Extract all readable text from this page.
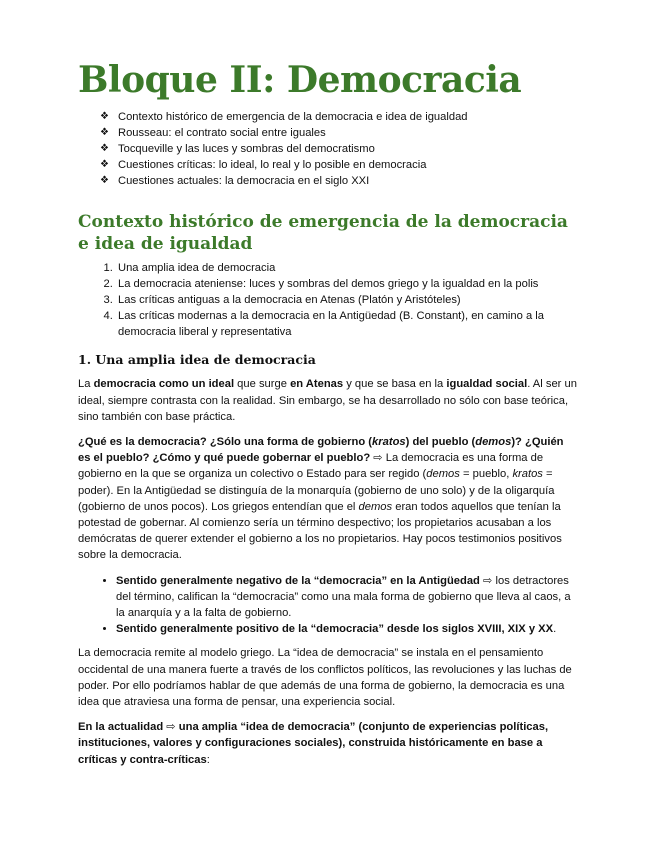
Bloque II: Democracia
❖ Contexto histórico de emergencia de la democracia e idea de igualdad
❖ Rousseau: el contrato social entre iguales
❖ Tocqueville y las luces y sombras del democratismo
❖ Cuestiones críticas: lo ideal, lo real y lo posible en democracia
❖ Cuestiones actuales: la democracia en el siglo XXI
Contexto histórico de emergencia de la democracia e idea de igualdad
1. Una amplia idea de democracia
2. La democracia ateniense: luces y sombras del demos griego y la igualdad en la polis
3. Las críticas antiguas a la democracia en Atenas (Platón y Aristóteles)
4. Las críticas modernas a la democracia en la Antigüedad (B. Constant), en camino a la democracia liberal y representativa
1. Una amplia idea de democracia

La democracia como un ideal que surge en Atenas y que se basa en la igualdad social. Al ser un ideal, siempre contrasta con la realidad. Sin embargo, se ha desarrollado no sólo con base teórica, sino también con base práctica.

¿Qué es la democracia? ¿Sólo una forma de gobierno (kratos) del pueblo (demos)? ¿Quién es el pueblo? ¿Cómo y qué puede gobernar el pueblo? ⇨ La democracia es una forma de gobierno en la que se organiza un colectivo o Estado para ser regido (demos = pueblo, kratos = poder). En la Antigüedad se distinguía de la monarquía (gobierno de uno solo) y de la oligarquía (gobierno de unos pocos). Los griegos entendían que el demos eran todos aquellos que tenían la potestad de gobernar. Al comienzo sería un término despectivo; los propietarios acusaban a los demócratas de querer extender el gobierno a los no propietarios. Hay pocos testimonios positivos sobre la democracia.

• Sentido generalmente negativo de la “democracia” en la Antigüedad ⇨ los detractores del término, califican la “democracia” como una mala forma de gobierno que lleva al caos, a la anarquía y a la falta de gobierno.
• Sentido generalmente positivo de la “democracia” desde los siglos XVIII, XIX y XX.

La democracia remite al modelo griego. La “idea de democracia” se instala en el pensamiento occidental de una manera fuerte a través de los conflictos políticos, las revoluciones y las luchas de poder. Por ello podríamos hablar de que además de una forma de gobierno, la democracia es una idea que atraviesa una forma de pensar, una experiencia social.

En la actualidad ⇨ una amplia “idea de democracia” (conjunto de experiencias políticas, instituciones, valores y configuraciones sociales), construida históricamente en base a críticas y contra-críticas:
